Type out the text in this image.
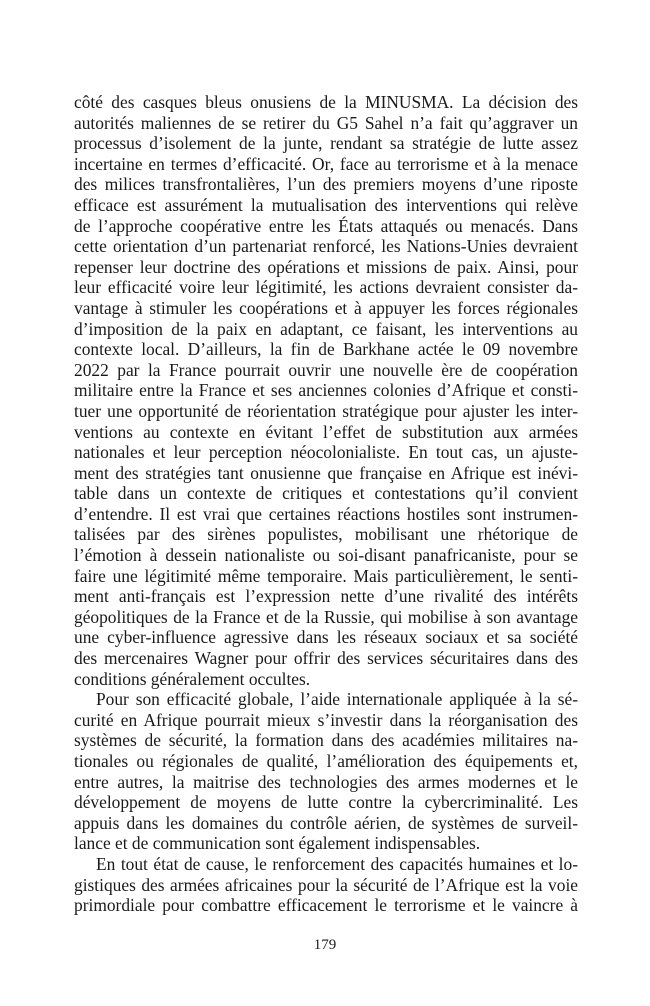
côté des casques bleus onusiens de la MINUSMA. La décision des
autorités maliennes de se retirer du G5 Sahel n’a fait qu’aggraver un
processus d’isolement de la junte, rendant sa stratégie de lutte assez
incertaine en termes d’efficacité. Or, face au terrorisme et à la menace
des milices transfrontalières, l’un des premiers moyens d’une riposte
efficace est assurément la mutualisation des interventions qui relève
de l’approche coopérative entre les États attaqués ou menacés. Dans
cette orientation d’un partenariat renforcé, les Nations-Unies devraient
repenser leur doctrine des opérations et missions de paix. Ainsi, pour
leur efficacité voire leur légitimité, les actions devraient consister da-
vantage à stimuler les coopérations et à appuyer les forces régionales
d’imposition de la paix en adaptant, ce faisant, les interventions au
contexte local. D’ailleurs, la fin de Barkhane actée le 09 novembre
2022 par la France pourrait ouvrir une nouvelle ère de coopération
militaire entre la France et ses anciennes colonies d’Afrique et consti-
tuer une opportunité de réorientation stratégique pour ajuster les inter-
ventions au contexte en évitant l’effet de substitution aux armées
nationales et leur perception néocolonialiste. En tout cas, un ajuste-
ment des stratégies tant onusienne que française en Afrique est inévi-
table dans un contexte de critiques et contestations qu’il convient
d’entendre. Il est vrai que certaines réactions hostiles sont instrumen-
talisées par des sirènes populistes, mobilisant une rhétorique de
l’émotion à dessein nationaliste ou soi-disant panafricaniste, pour se
faire une légitimité même temporaire. Mais particulièrement, le senti-
ment anti-français est l’expression nette d’une rivalité des intérêts
géopolitiques de la France et de la Russie, qui mobilise à son avantage
une cyber-influence agressive dans les réseaux sociaux et sa société
des mercenaires Wagner pour offrir des services sécuritaires dans des
conditions généralement occultes.
Pour son efficacité globale, l’aide internationale appliquée à la sé-
curité en Afrique pourrait mieux s’investir dans la réorganisation des
systèmes de sécurité, la formation dans des académies militaires na-
tionales ou régionales de qualité, l’amélioration des équipements et,
entre autres, la maitrise des technologies des armes modernes et le
développement de moyens de lutte contre la cybercriminalité. Les
appuis dans les domaines du contrôle aérien, de systèmes de surveil-
lance et de communication sont également indispensables.
En tout état de cause, le renforcement des capacités humaines et lo-
gistiques des armées africaines pour la sécurité de l’Afrique est la voie
primordiale pour combattre efficacement le terrorisme et le vaincre à
179
